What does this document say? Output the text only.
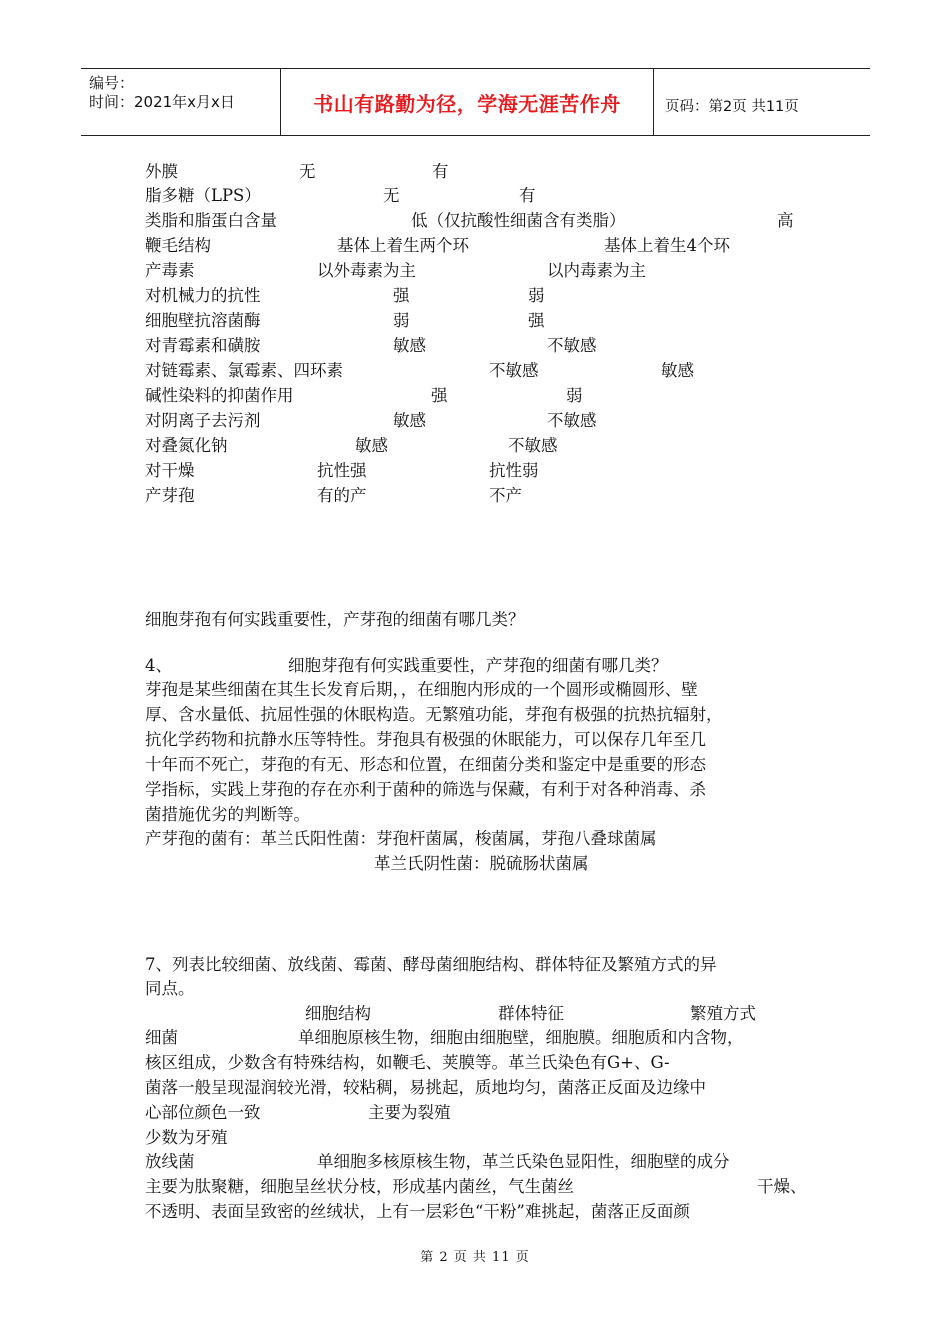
编号：
时间：2021年x月x日	书山有路勤为径，学海无涯苦作舟	页码：第2页 共11页
外膜	无	有
脂多糖（LPS）	无	有
类脂和脂蛋白含量	低（仅抗酸性细菌含有类脂）	高
鞭毛结构	基体上着生两个环	基体上着生4个环
产毒素	以外毒素为主	以内毒素为主
对机械力的抗性	强	弱
细胞壁抗溶菌酶	弱	强
对青霉素和磺胺	敏感	不敏感
对链霉素、氯霉素、四环素	不敏感	敏感
碱性染料的抑菌作用	强	弱
对阴离子去污剂	敏感	不敏感
对叠氮化钠	敏感	不敏感
对干燥	抗性强	抗性弱
产芽孢	有的产	不产
细胞芽孢有何实践重要性，产芽孢的细菌有哪几类？
4、	细胞芽孢有何实践重要性，产芽孢的细菌有哪几类？
芽孢是某些细菌在其生长发育后期，，在细胞内形成的一个圆形或椭圆形、壁
厚、含水量低、抗屈性强的休眠构造。无繁殖功能，芽孢有极强的抗热抗辐射，
抗化学药物和抗静水压等特性。芽孢具有极强的休眠能力，可以保存几年至几
十年而不死亡，芽孢的有无、形态和位置，在细菌分类和鉴定中是重要的形态
学指标，实践上芽孢的存在亦利于菌种的筛选与保藏，有利于对各种消毒、杀
菌措施优劣的判断等。
产芽孢的菌有：革兰氏阳性菌：芽孢杆菌属，梭菌属，芽孢八叠球菌属
革兰氏阴性菌：脱硫肠状菌属
7、列表比较细菌、放线菌、霉菌、酵母菌细胞结构、群体特征及繁殖方式的异
同点。
细胞结构	群体特征	繁殖方式
细菌	单细胞原核生物，细胞由细胞壁，细胞膜。细胞质和内含物，
核区组成，少数含有特殊结构，如鞭毛、荚膜等。革兰氏染色有G+、G-
菌落一般呈现湿润较光滑，较粘稠，易挑起，质地均匀，菌落正反面及边缘中
心部位颜色一致	主要为裂殖
少数为牙殖
放线菌	单细胞多核原核生物，革兰氏染色显阳性，细胞壁的成分
主要为肽聚糖，细胞呈丝状分枝，形成基内菌丝，气生菌丝	干燥、
不透明、表面呈致密的丝绒状，上有一层彩色“干粉”难挑起，菌落正反面颜
第 2 页 共 11 页
